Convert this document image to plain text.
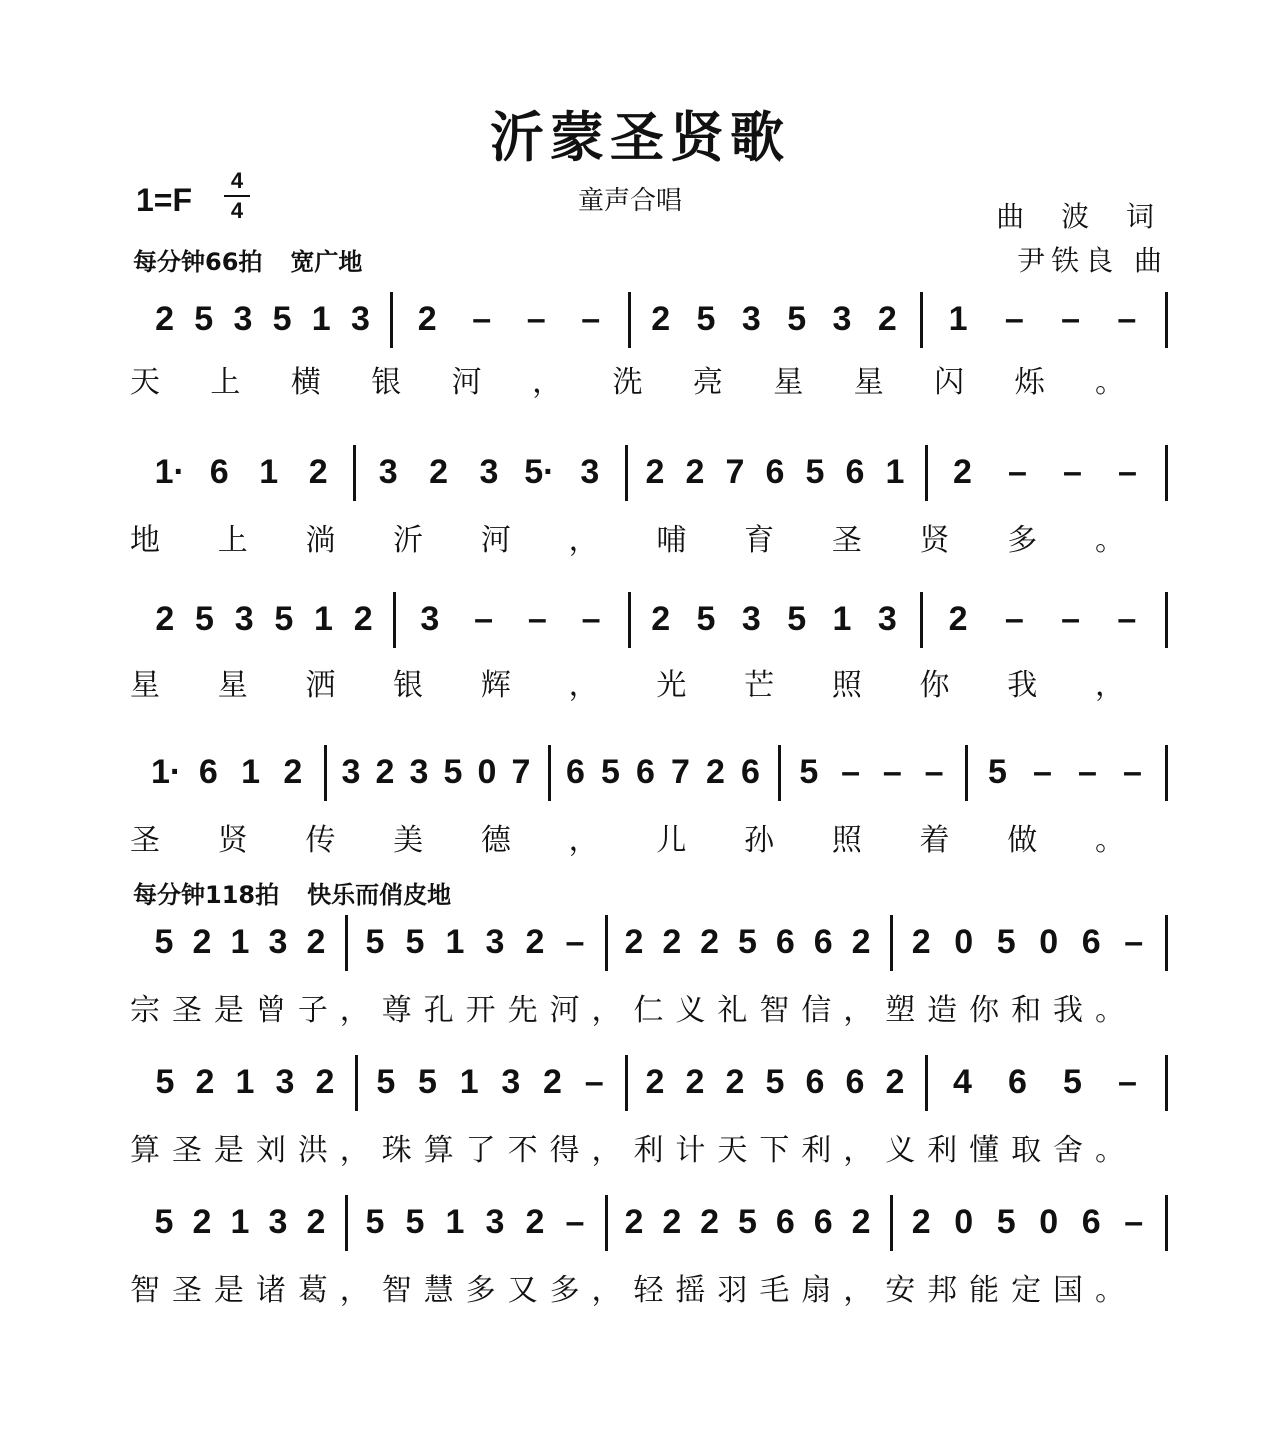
沂蒙圣贤歌
1=F
4
4	童声合唱	曲 波 词
尹铁良 曲
每分钟66拍 宽广地
每分钟118拍 快乐而俏皮地
2 5 3 5 1 3 2 – – – 2 5 3 5 3 2 1 – – –
天 上 横 银 河 ， 洗 亮 星 星 闪 烁 。
1· 6 1 2 3 2 3 5· 3 2 2 7 6 5 6 1 2 – – –
地 上 淌 沂 河 ， 哺 育 圣 贤 多 。
2 5 3 5 1 2 3 – – – 2 5 3 5 1 3 2 – – –
星 星 洒 银 辉 ， 光 芒 照 你 我 ，
1· 6 1 2 3 2 3 5 0 7 6 5 6 7 2 6 5 – – – 5 – – –
圣 贤 传 美 德 ， 儿 孙 照 着 做 。
5 2 1 3 2 5 5 1 3 2 – 2 2 2 5 6 6 2 2 0 5 0 6 –
宗 圣 是 曾 子 ， 尊 孔 开 先 河 ， 仁 义 礼 智 信 ， 塑 造 你 和 我 。
5 2 1 3 2 5 5 1 3 2 – 2 2 2 5 6 6 2 4 6 5 –
算 圣 是 刘 洪 ， 珠 算 了 不 得 ， 利 计 天 下 利 ， 义 利 懂 取 舍 。
5 2 1 3 2 5 5 1 3 2 – 2 2 2 5 6 6 2 2 0 5 0 6 –
智 圣 是 诸 葛 ， 智 慧 多 又 多 ， 轻 摇 羽 毛 扇 ， 安 邦 能 定 国 。
